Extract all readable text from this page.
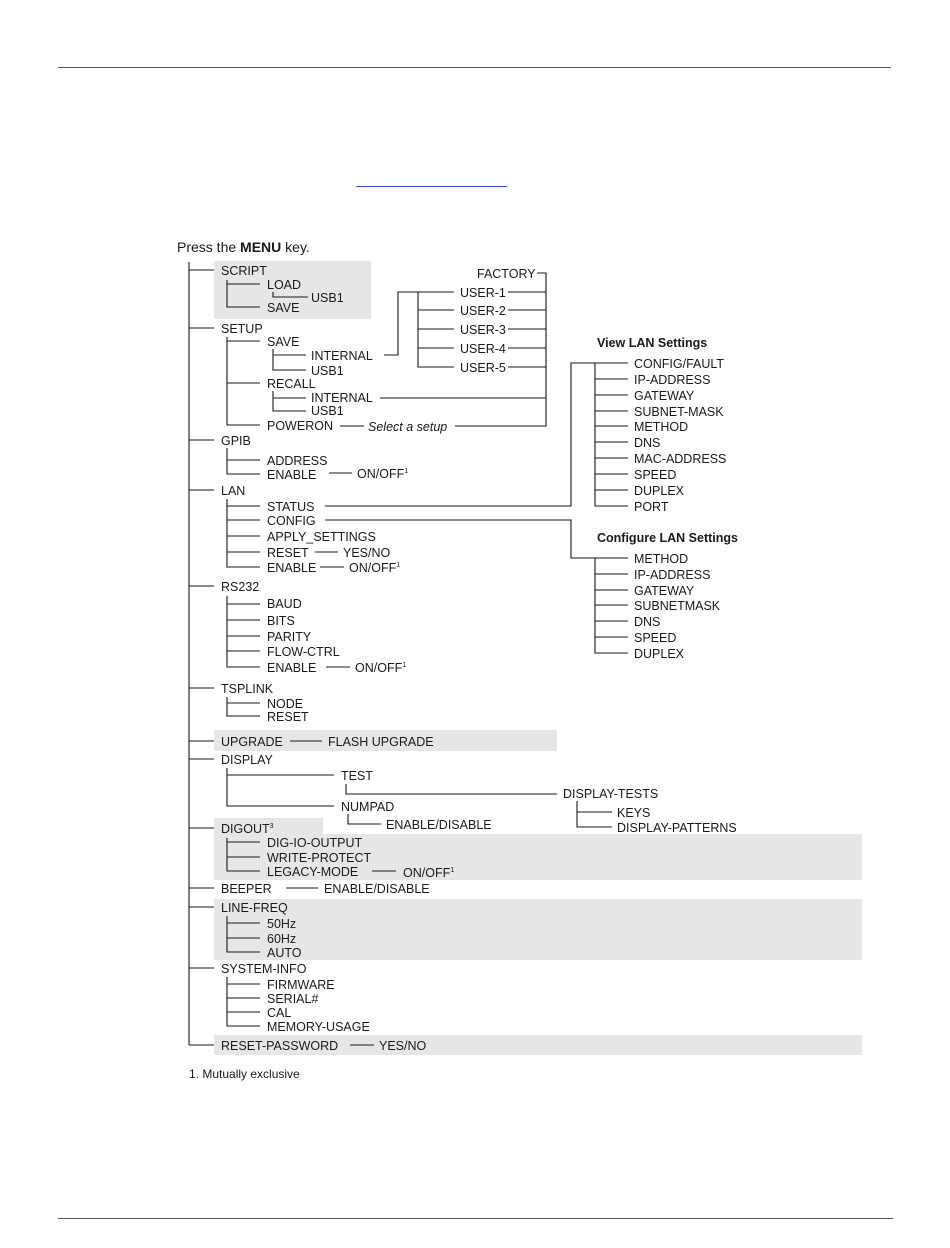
Press the MENU key.
SCRIPT
LOAD
USB1
SAVE
SETUP
SAVE
INTERNAL
USB1
RECALL
INTERNAL
USB1
POWERON	Select a setup
FACTORY
USER-1
USER-2
USER-3
USER-4
USER-5
GPIB
ADDRESS
ENABLE	ON/OFF$^1$
LAN
STATUS
CONFIG
APPLY_SETTINGS
RESET	YES/NO
ENABLE	ON/OFF$^1$
View LAN Settings
CONFIG/FAULT
IP-ADDRESS
GATEWAY
SUBNET-MASK
METHOD
DNS
MAC-ADDRESS
SPEED
DUPLEX
PORT
Configure LAN Settings
METHOD
IP-ADDRESS
GATEWAY
SUBNETMASK
DNS
SPEED
DUPLEX
RS232
BAUD
BITS
PARITY
FLOW-CTRL
ENABLE	ON/OFF$^1$
TSPLINK
NODE
RESET
UPGRADE	FLASH UPGRADE
DISPLAY
TEST
DISPLAY-TESTS
KEYS
DISPLAY-PATTERNS
NUMPAD
ENABLE/DISABLE
DIGOUT$^3$
DIG-IO-OUTPUT
WRITE-PROTECT
LEGACY-MODE	ON/OFF$^1$
BEEPER	ENABLE/DISABLE
LINE-FREQ
50Hz
60Hz
AUTO
SYSTEM-INFO
FIRMWARE
SERIAL#
CAL
MEMORY-USAGE
RESET-PASSWORD	YES/NO
1. Mutually exclusive
